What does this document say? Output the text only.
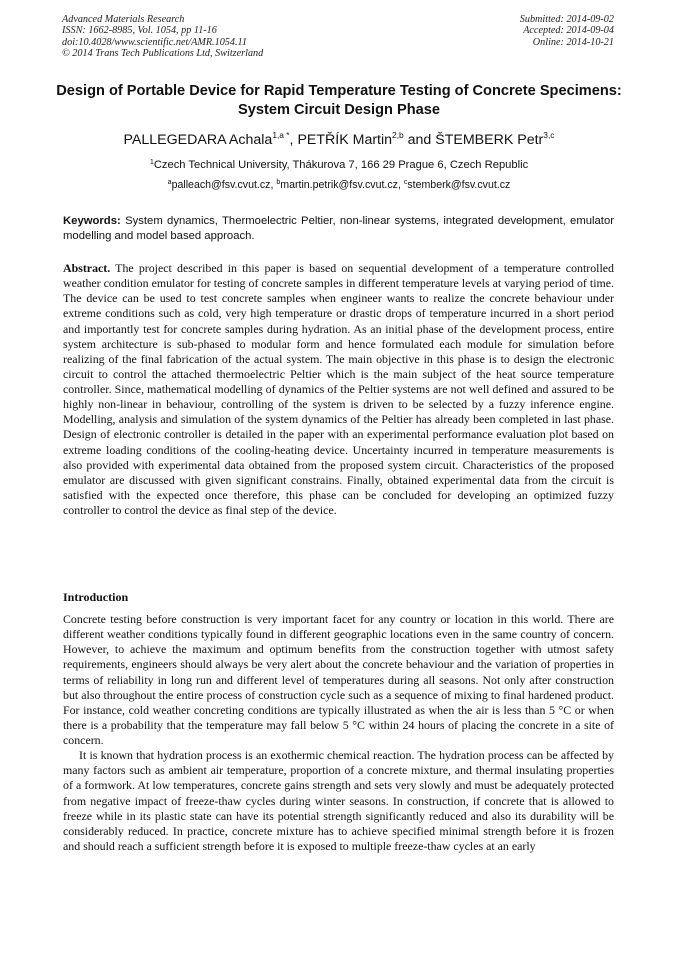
Advanced Materials Research
ISSN: 1662-8985, Vol. 1054, pp 11-16
doi:10.4028/www.scientific.net/AMR.1054.11
© 2014 Trans Tech Publications Ltd, Switzerland
Submitted: 2014-09-02
Accepted: 2014-09-04
Online: 2014-10-21
Design of Portable Device for Rapid Temperature Testing of Concrete Specimens: System Circuit Design Phase
PALLEGEDARA Achala$^{1,a *}$, PETŘÍK Martin$^{2,b}$ and ŠTEMBERK Petr$^{3,c}$
$^1$Czech Technical University, Thákurova 7, 166 29 Prague 6, Czech Republic
$^a$palleach@fsv.cvut.cz, $^b$martin.petrik@fsv.cvut.cz, $^c$stemberk@fsv.cvut.cz
Keywords: System dynamics, Thermoelectric Peltier, non-linear systems, integrated development, emulator modelling and model based approach.
Abstract. The project described in this paper is based on sequential development of a temperature controlled weather condition emulator for testing of concrete samples in different temperature levels at varying period of time. The device can be used to test concrete samples when engineer wants to realize the concrete behaviour under extreme conditions such as cold, very high temperature or drastic drops of temperature incurred in a short period and importantly test for concrete samples during hydration. As an initial phase of the development process, entire system architecture is sub-phased to modular form and hence formulated each module for simulation before realizing of the final fabrication of the actual system. The main objective in this phase is to design the electronic circuit to control the attached thermoelectric Peltier which is the main subject of the heat source temperature controller. Since, mathematical modelling of dynamics of the Peltier systems are not well defined and assured to be highly non-linear in behaviour, controlling of the system is driven to be selected by a fuzzy inference engine. Modelling, analysis and simulation of the system dynamics of the Peltier has already been completed in last phase. Design of electronic controller is detailed in the paper with an experimental performance evaluation plot based on extreme loading conditions of the cooling-heating device. Uncertainty incurred in temperature measurements is also provided with experimental data obtained from the proposed system circuit. Characteristics of the proposed emulator are discussed with given significant constrains. Finally, obtained experimental data from the circuit is satisfied with the expected once therefore, this phase can be concluded for developing an optimized fuzzy controller to control the device as final step of the device.
Introduction

Concrete testing before construction is very important facet for any country or location in this world. There are different weather conditions typically found in different geographic locations even in the same country of concern. However, to achieve the maximum and optimum benefits from the construction together with utmost safety requirements, engineers should always be very alert about the concrete behaviour and the variation of properties in terms of reliability in long run and different level of temperatures during all seasons. Not only after construction but also throughout the entire process of construction cycle such as a sequence of mixing to final hardened product. For instance, cold weather concreting conditions are typically illustrated as when the air is less than 5 °C or when there is a probability that the temperature may fall below 5 °C within 24 hours of placing the concrete in a site of concern.

It is known that hydration process is an exothermic chemical reaction. The hydration process can be affected by many factors such as ambient air temperature, proportion of a concrete mixture, and thermal insulating properties of a formwork. At low temperatures, concrete gains strength and sets very slowly and must be adequately protected from negative impact of freeze-thaw cycles during winter seasons. In construction, if concrete that is allowed to freeze while in its plastic state can have its potential strength significantly reduced and also its durability will be considerably reduced. In practice, concrete mixture has to achieve specified minimal strength before it is frozen and should reach a sufficient strength before it is exposed to multiple freeze-thaw cycles at an early
